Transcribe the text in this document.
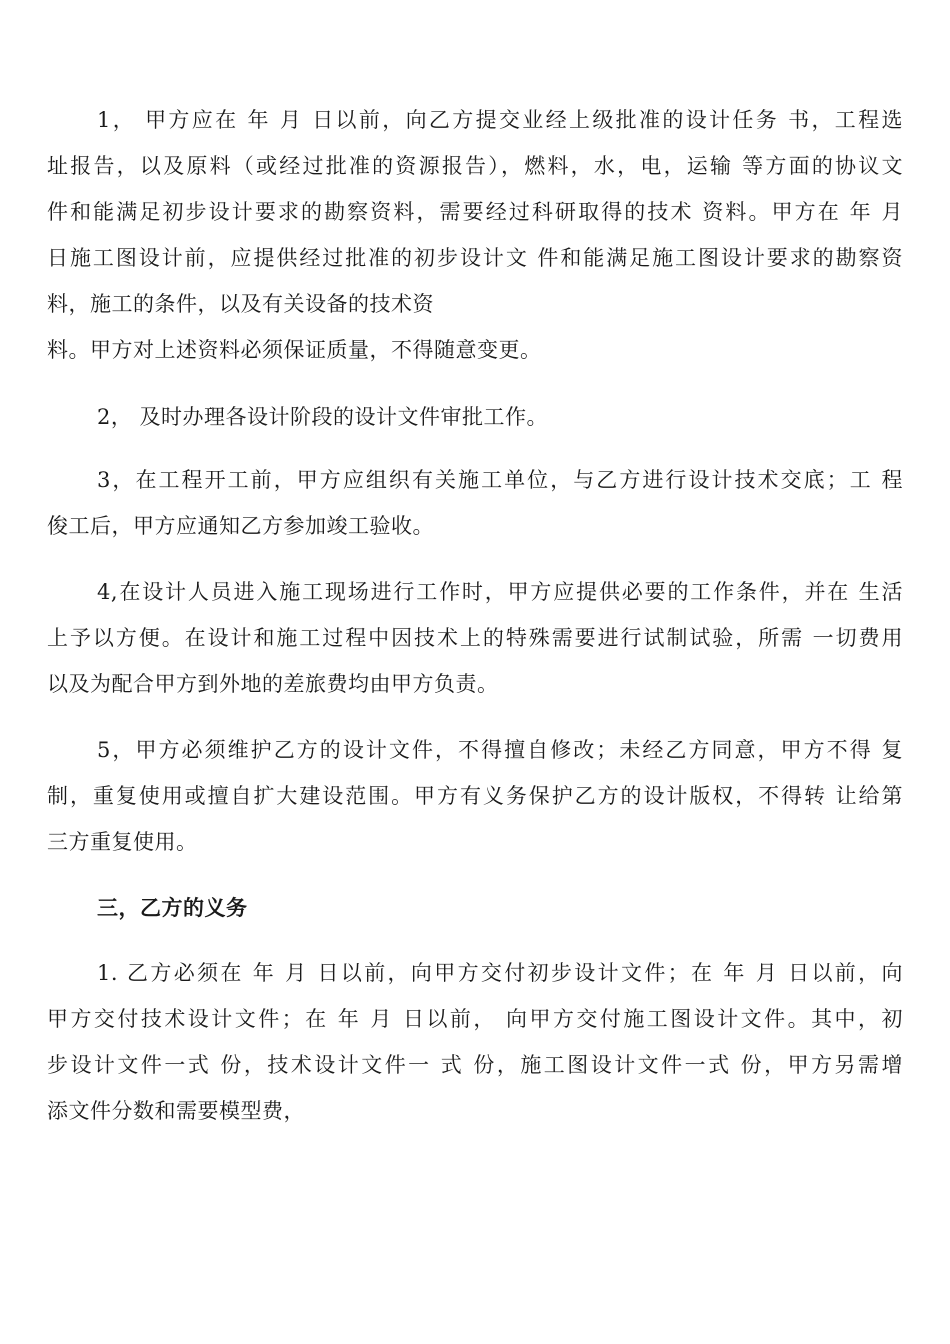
1， 甲方应在 年 月 日以前，向乙方提交业经上级批准的设计任务 书，工程选
址报告，以及原料（或经过批准的资源报告），燃料，水，电，运输 等方面的协议文
件和能满足初步设计要求的勘察资料，需要经过科研取得的技术 资料。甲方在 年 月
日施工图设计前，应提供经过批准的初步设计文 件和能满足施工图设计要求的勘察资
料，施工的条件，以及有关设备的技术资
料。甲方对上述资料必须保证质量，不得随意变更。
2， 及时办理各设计阶段的设计文件审批工作。
3，在工程开工前，甲方应组织有关施工单位，与乙方进行设计技术交底；工 程
俊工后，甲方应通知乙方参加竣工验收。
4,在设计人员进入施工现场进行工作时，甲方应提供必要的工作条件，并在 生活
上予以方便。在设计和施工过程中因技术上的特殊需要进行试制试验，所需 一切费用
以及为配合甲方到外地的差旅费均由甲方负责。
5，甲方必须维护乙方的设计文件，不得擅自修改；未经乙方同意，甲方不得 复
制，重复使用或擅自扩大建设范围。甲方有义务保护乙方的设计版权，不得转 让给第
三方重复使用。
三，乙方的义务
1. 乙方必须在 年 月 日以前，向甲方交付初步设计文件；在 年 月 日以前，向
甲方交付技术设计文件；在 年 月 日以前， 向甲方交付施工图设计文件。其中，初
步设计文件一式 份，技术设计文件一 式 份，施工图设计文件一式 份，甲方另需增
添文件分数和需要模型费，
